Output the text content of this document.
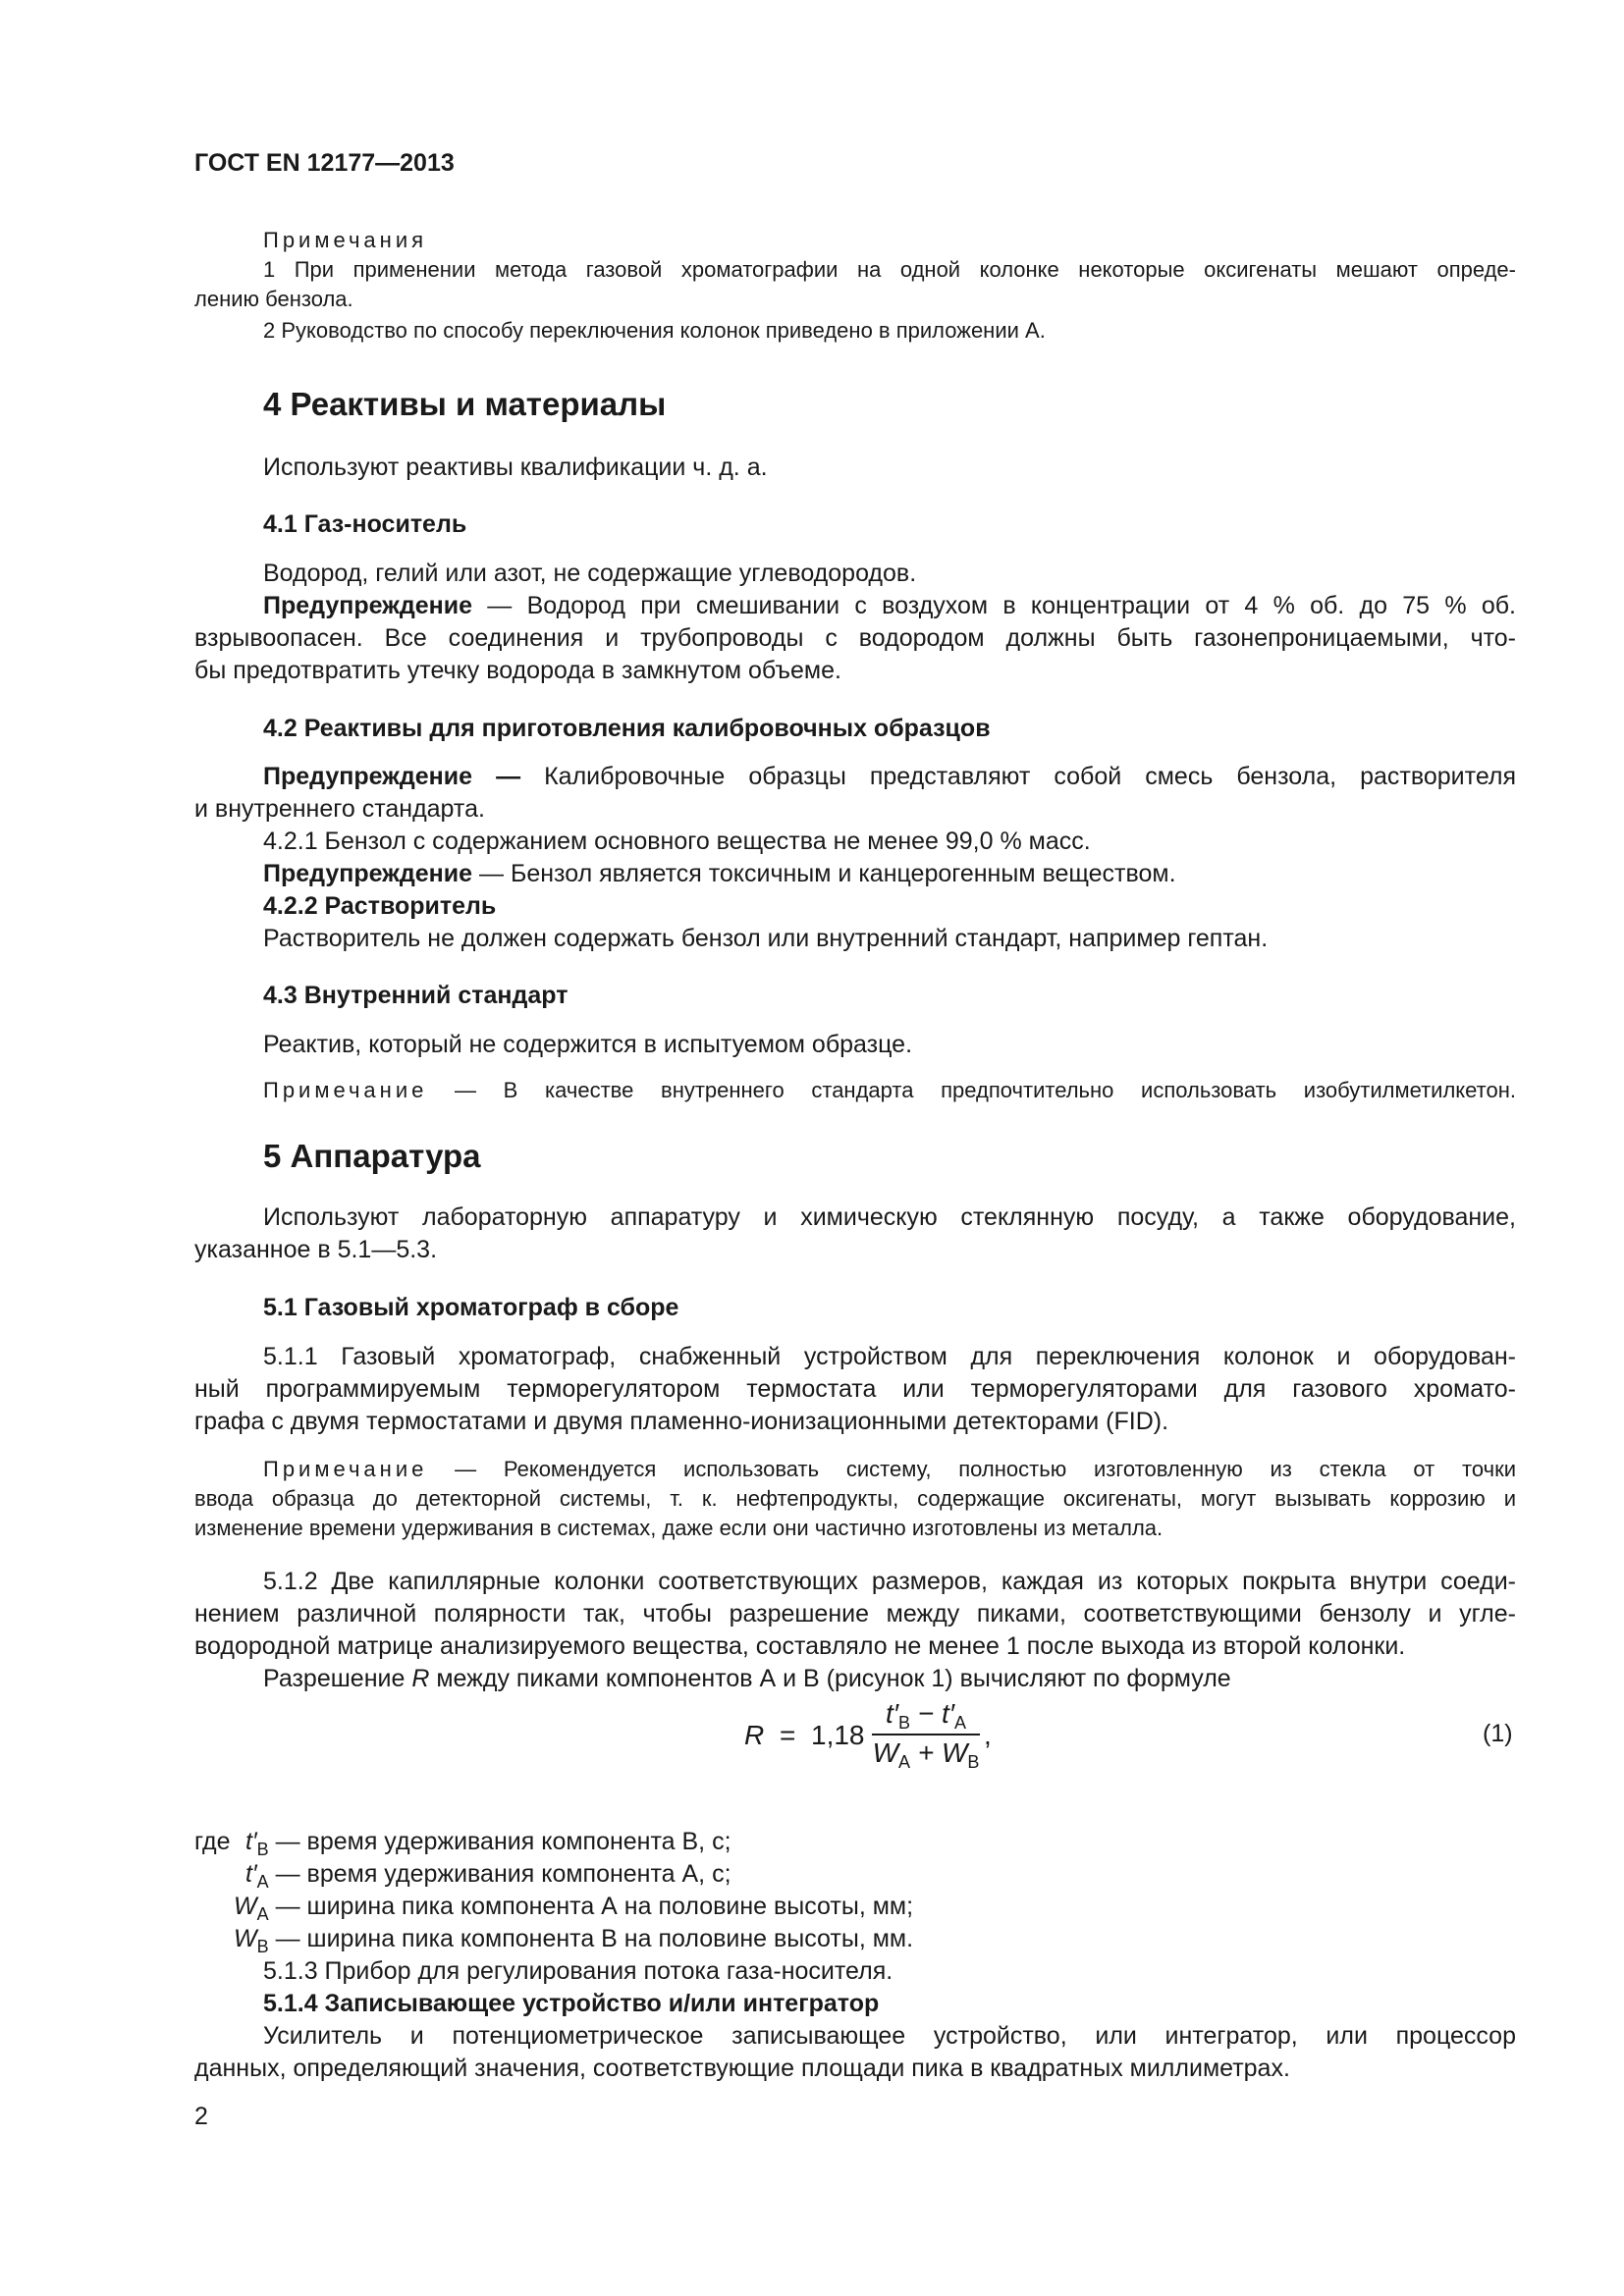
ГОСТ EN 12177—2013
Примечания
1 При применении метода газовой хроматографии на одной колонке некоторые оксигенаты мешают опреде-
лению бензола.
2 Руководство по способу переключения колонок приведено в приложении А.
4 Реактивы и материалы
Используют реактивы квалификации ч. д. а.
4.1 Газ-носитель
Водород, гелий или азот, не содержащие углеводородов.
Предупреждение — Водород при смешивании с воздухом в концентрации от 4 % об. до 75 % об.
взрывоопасен. Все соединения и трубопроводы с водородом должны быть газонепроницаемыми, что-
бы предотвратить утечку водорода в замкнутом объеме.
4.2 Реактивы для приготовления калибровочных образцов
Предупреждение — Калибровочные образцы представляют собой смесь бензола, растворителя
и внутреннего стандарта.
4.2.1 Бензол с содержанием основного вещества не менее 99,0 % масс.
Предупреждение — Бензол является токсичным и канцерогенным веществом.
4.2.2 Растворитель
Растворитель не должен содержать бензол или внутренний стандарт, например гептан.
4.3 Внутренний стандарт
Реактив, который не содержится в испытуемом образце.
Примечание — В качестве внутреннего стандарта предпочтительно использовать изобутилметилкетон.
5 Аппаратура
Используют лабораторную аппаратуру и химическую стеклянную посуду, а также оборудование,
указанное в 5.1—5.3.
5.1 Газовый хроматограф в сборе
5.1.1 Газовый хроматограф, снабженный устройством для переключения колонок и оборудован-
ный программируемым терморегулятором термостата или терморегуляторами для газового хромато-
графа с двумя термостатами и двумя пламенно-ионизационными детекторами (FID).
Примечание — Рекомендуется использовать систему, полностью изготовленную из стекла от точки
ввода образца до детекторной системы, т. к. нефтепродукты, содержащие оксигенаты, могут вызывать коррозию и
изменение времени удерживания в системах, даже если они частично изготовлены из металла.
5.1.2 Две капиллярные колонки соответствующих размеров, каждая из которых покрыта внутри соеди-
нением различной полярности так, чтобы разрешение между пиками, соответствующими бензолу и угле-
водородной матрице анализируемого вещества, составляло не менее 1 после выхода из второй колонки.
Разрешение R между пиками компонентов А и В (рисунок 1) вычисляют по формуле
R = 1,18
$t'_B - t'_A$
$W_A + W_B$
,	(1)
где $t'_B$ — время удерживания компонента В, с;
$t'_A$ — время удерживания компонента А, с;
$W_A$ — ширина пика компонента А на половине высоты, мм;
$W_B$ — ширина пика компонента В на половине высоты, мм.
5.1.3 Прибор для регулирования потока газа-носителя.
5.1.4 Записывающее устройство и/или интегратор
Усилитель и потенциометрическое записывающее устройство, или интегратор, или процессор
данных, определяющий значения, соответствующие площади пика в квадратных миллиметрах.
2
